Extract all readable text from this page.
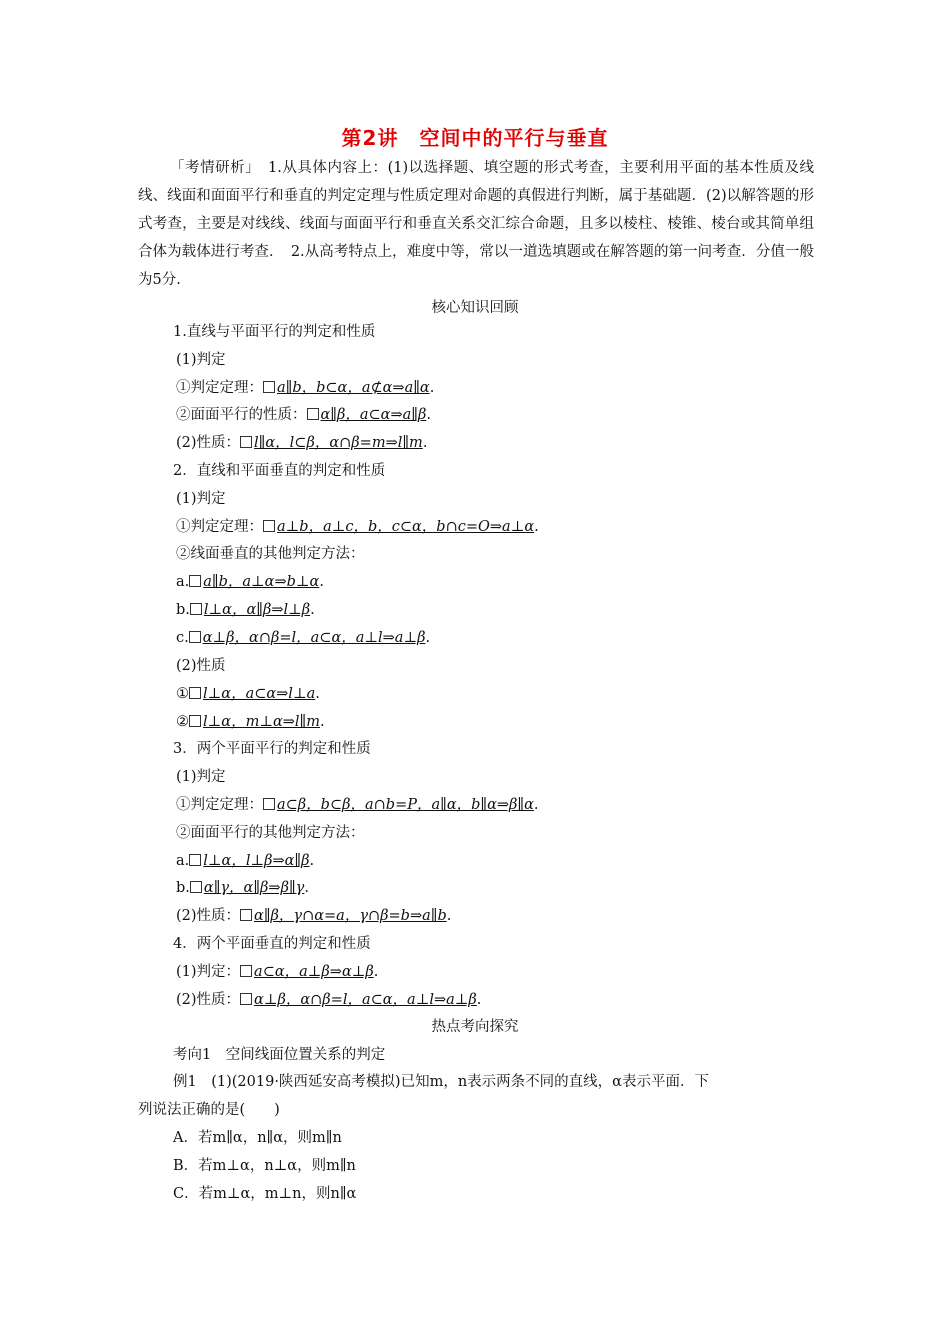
第2讲　空间中的平行与垂直
「考情研析」　1.从具体内容上：(1)以选择题、填空题的形式考查，主要利用平面的基本性质及线线、线面和面面平行和垂直的判定定理与性质定理对命题的真假进行判断，属于基础题．(2)以解答题的形式考查，主要是对线线、线面与面面平行和垂直关系交汇综合命题，且多以棱柱、棱锥、棱台或其简单组合体为载体进行考查．　2.从高考特点上，难度中等，常以一道选填题或在解答题的第一问考查．分值一般为5分.
核心知识回顾
1.直线与平面平行的判定和性质
(1)判定
①判定定理： a∥b，b⊂α，a⊄α⇒a∥α.
②面面平行的性质： α∥β，a⊂α⇒a∥β.
(2)性质： l∥α，l⊂β，α∩β=m⇒l∥m.
2．直线和平面垂直的判定和性质
(1)判定
①判定定理： a⊥b，a⊥c，b，c⊂α，b∩c=O⇒a⊥α.
②线面垂直的其他判定方法：
a. a∥b，a⊥α⇒b⊥α.
b. l⊥α，α∥β⇒l⊥β.
c. α⊥β，α∩β=l，a⊂α，a⊥l⇒a⊥β.
(2)性质
① l⊥α，a⊂α⇒l⊥a.
② l⊥α，m⊥α⇒l∥m.
3．两个平面平行的判定和性质
(1)判定
①判定定理： a⊂β，b⊂β，a∩b=P，a∥α，b∥α⇒β∥α.
②面面平行的其他判定方法：
a. l⊥α，l⊥β⇒α∥β.
b. α∥γ，α∥β⇒β∥γ.
(2)性质： α∥β，γ∩α=a，γ∩β=b⇒a∥b.
4．两个平面垂直的判定和性质
(1)判定： a⊂α，a⊥β⇒α⊥β.
(2)性质： α⊥β，α∩β=l，a⊂α，a⊥l⇒a⊥β.
热点考向探究
考向1　空间线面位置关系的判定
例1　(1)(2019·陕西延安高考模拟)已知m，n表示两条不同的直线，α表示平面．下
列说法正确的是(　　)
A．若m∥α，n∥α，则m∥n
B．若m⊥α，n⊥α，则m∥n
C．若m⊥α，m⊥n，则n∥α
